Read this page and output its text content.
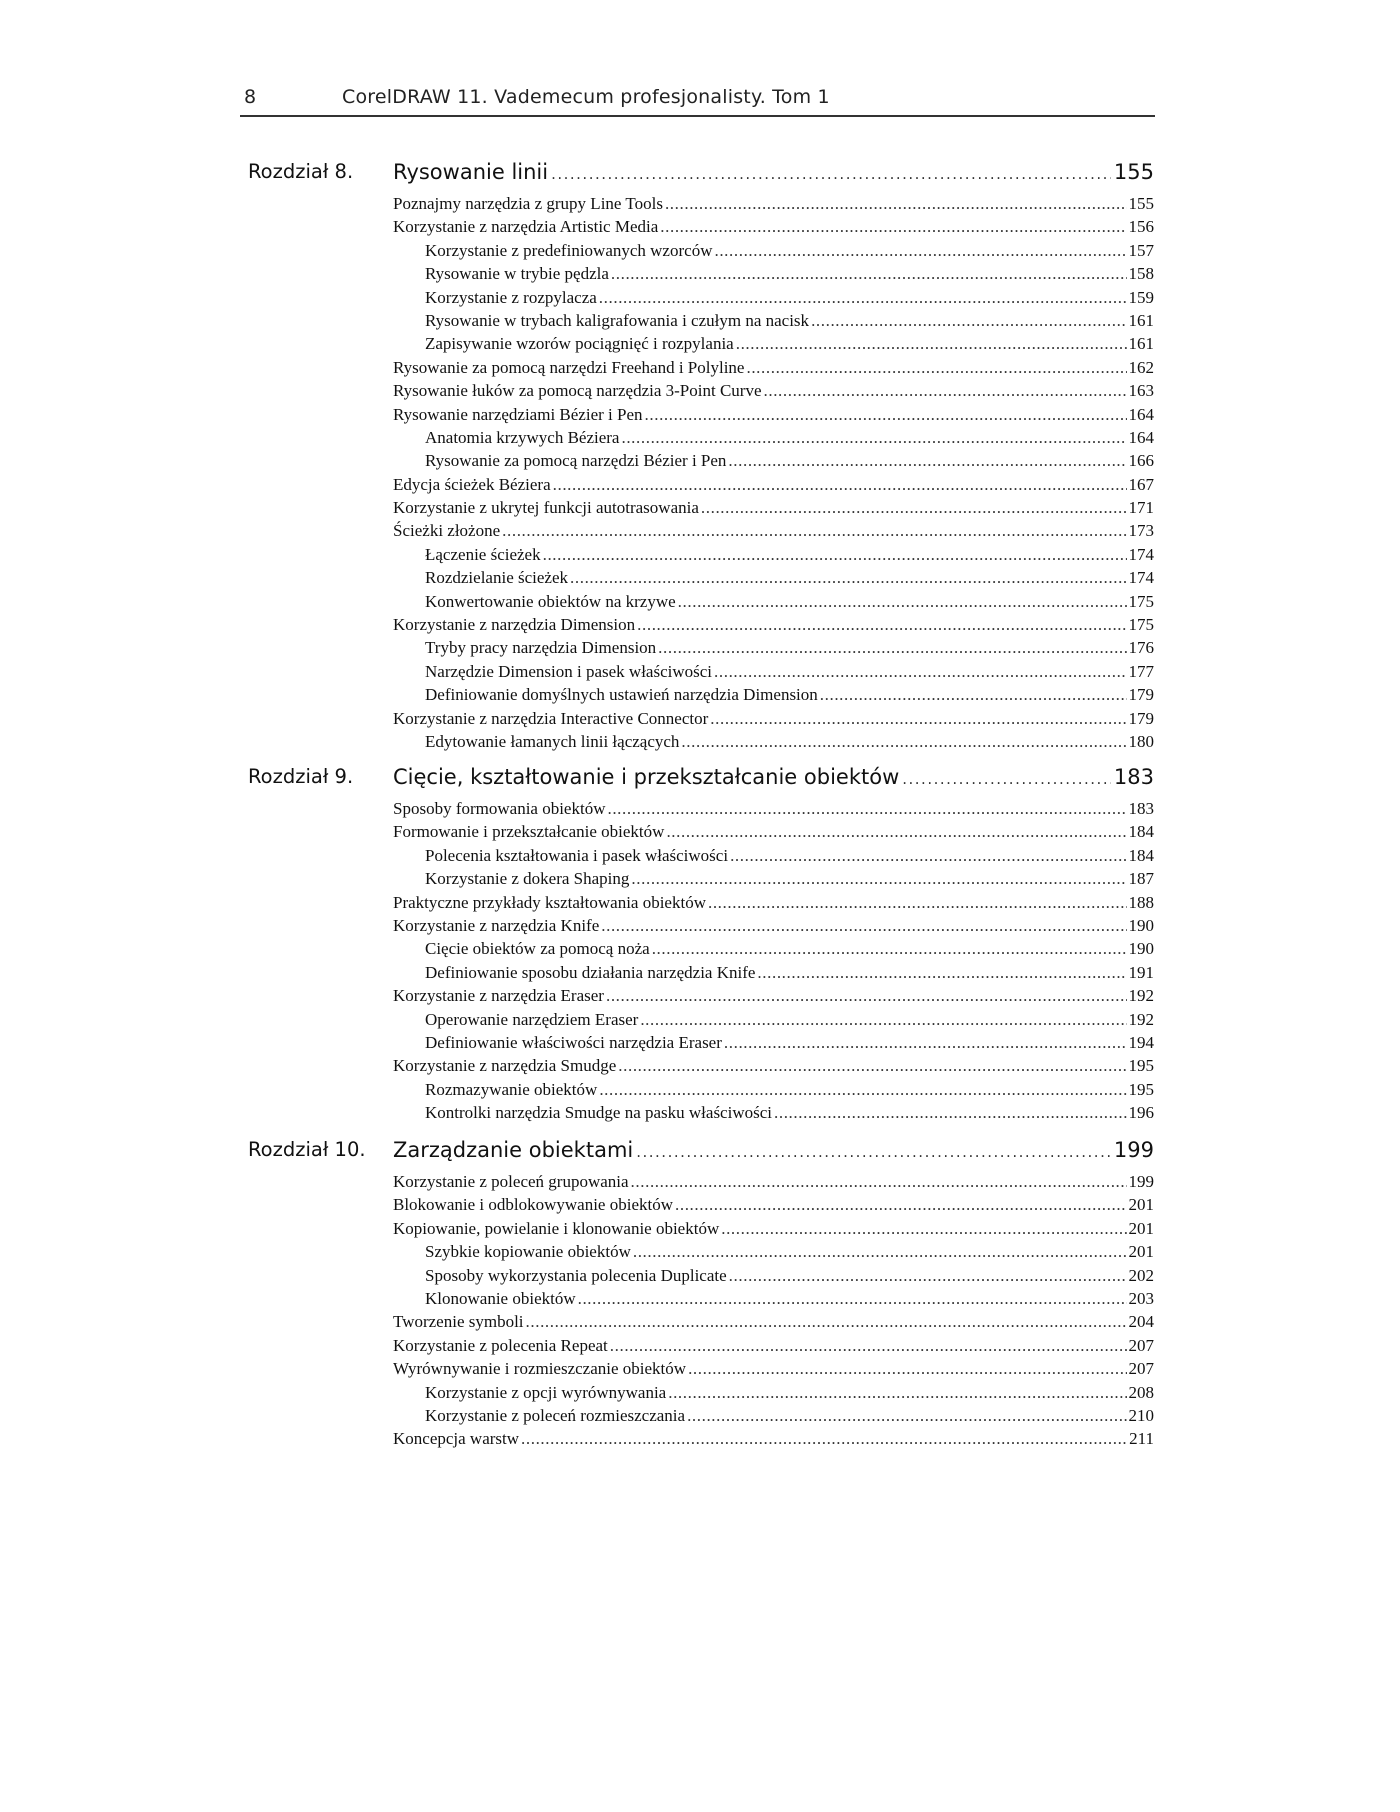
8	CorelDRAW 11. Vademecum profesjonalisty. Tom 1
Rozdział 8. Rysowanie linii .....	155
Poznajmy narzędzia z grupy Line Tools .....	155
Korzystanie z narzędzia Artistic Media .....	156
Korzystanie z predefiniowanych wzorców .....	157
Rysowanie w trybie pędzla .....	158
Korzystanie z rozpylacza .....	159
Rysowanie w trybach kaligrafowania i czułym na nacisk .....	161
Zapisywanie wzorów pociągnięć i rozpylania .....	161
Rysowanie za pomocą narzędzi Freehand i Polyline .....	162
Rysowanie łuków za pomocą narzędzia 3-Point Curve .....	163
Rysowanie narzędziami Bézier i Pen .....	164
Anatomia krzywych Béziera .....	164
Rysowanie za pomocą narzędzi Bézier i Pen .....	166
Edycja ścieżek Béziera .....	167
Korzystanie z ukrytej funkcji autotrasowania .....	171
Ścieżki złożone .....	173
Łączenie ścieżek .....	174
Rozdzielanie ścieżek .....	174
Konwertowanie obiektów na krzywe .....	175
Korzystanie z narzędzia Dimension .....	175
Tryby pracy narzędzia Dimension .....	176
Narzędzie Dimension i pasek właściwości .....	177
Definiowanie domyślnych ustawień narzędzia Dimension .....	179
Korzystanie z narzędzia Interactive Connector .....	179
Edytowanie łamanych linii łączących .....	180
Rozdział 9. Cięcie, kształtowanie i przekształcanie obiektów .....	183
Sposoby formowania obiektów .....	183
Formowanie i przekształcanie obiektów .....	184
Polecenia kształtowania i pasek właściwości .....	184
Korzystanie z dokera Shaping .....	187
Praktyczne przykłady kształtowania obiektów .....	188
Korzystanie z narzędzia Knife .....	190
Cięcie obiektów za pomocą noża .....	190
Definiowanie sposobu działania narzędzia Knife .....	191
Korzystanie z narzędzia Eraser .....	192
Operowanie narzędziem Eraser .....	192
Definiowanie właściwości narzędzia Eraser .....	194
Korzystanie z narzędzia Smudge .....	195
Rozmazywanie obiektów .....	195
Kontrolki narzędzia Smudge na pasku właściwości .....	196
Rozdział 10. Zarządzanie obiektami .....	199
Korzystanie z poleceń grupowania .....	199
Blokowanie i odblokowywanie obiektów .....	201
Kopiowanie, powielanie i klonowanie obiektów .....	201
Szybkie kopiowanie obiektów .....	201
Sposoby wykorzystania polecenia Duplicate .....	202
Klonowanie obiektów .....	203
Tworzenie symboli .....	204
Korzystanie z polecenia Repeat .....	207
Wyrównywanie i rozmieszczanie obiektów .....	207
Korzystanie z opcji wyrównywania .....	208
Korzystanie z poleceń rozmieszczania .....	210
Koncepcja warstw .....	211
